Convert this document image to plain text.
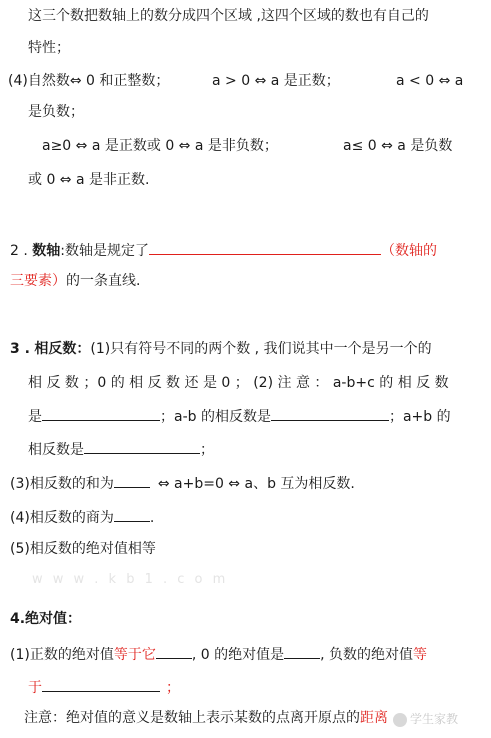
这三个数把数轴上的数分成四个区域 ,这四个区域的数也有自己的
特性；
(4)自然数⇔ 0 和正整数；	a > 0 ⇔ a 是正数；	a < 0 ⇔ a
是负数；
a≥0 ⇔ a 是正数或 0 ⇔ a 是非负数；	a≤ 0 ⇔ a 是负数
或 0 ⇔ a 是非正数.
2 . 数轴:数轴是规定了	（数轴的
三要素）的一条直线.
3 . 相反数：(1)只有符号不同的两个数 , 我们说其中一个是另一个的
相 反 数 ；0 的 相 反 数 还 是 0 ； (2) 注 意 ： a-b+c 的 相 反 数
是	；a-b 的相反数是	；a+b 的
相反数是	；
(3)相反数的和为	⇔ a+b=0 ⇔ a、b 互为相反数.
(4)相反数的商为	.
(5)相反数的绝对值相等
w w w . k b 1 . c o m
4.绝对值：
(1)正数的绝对值等于它	, 0 的绝对值是	, 负数的绝对值等
于	；
注意：绝对值的意义是数轴上表示某数的点离开原点的距离	学生家教
